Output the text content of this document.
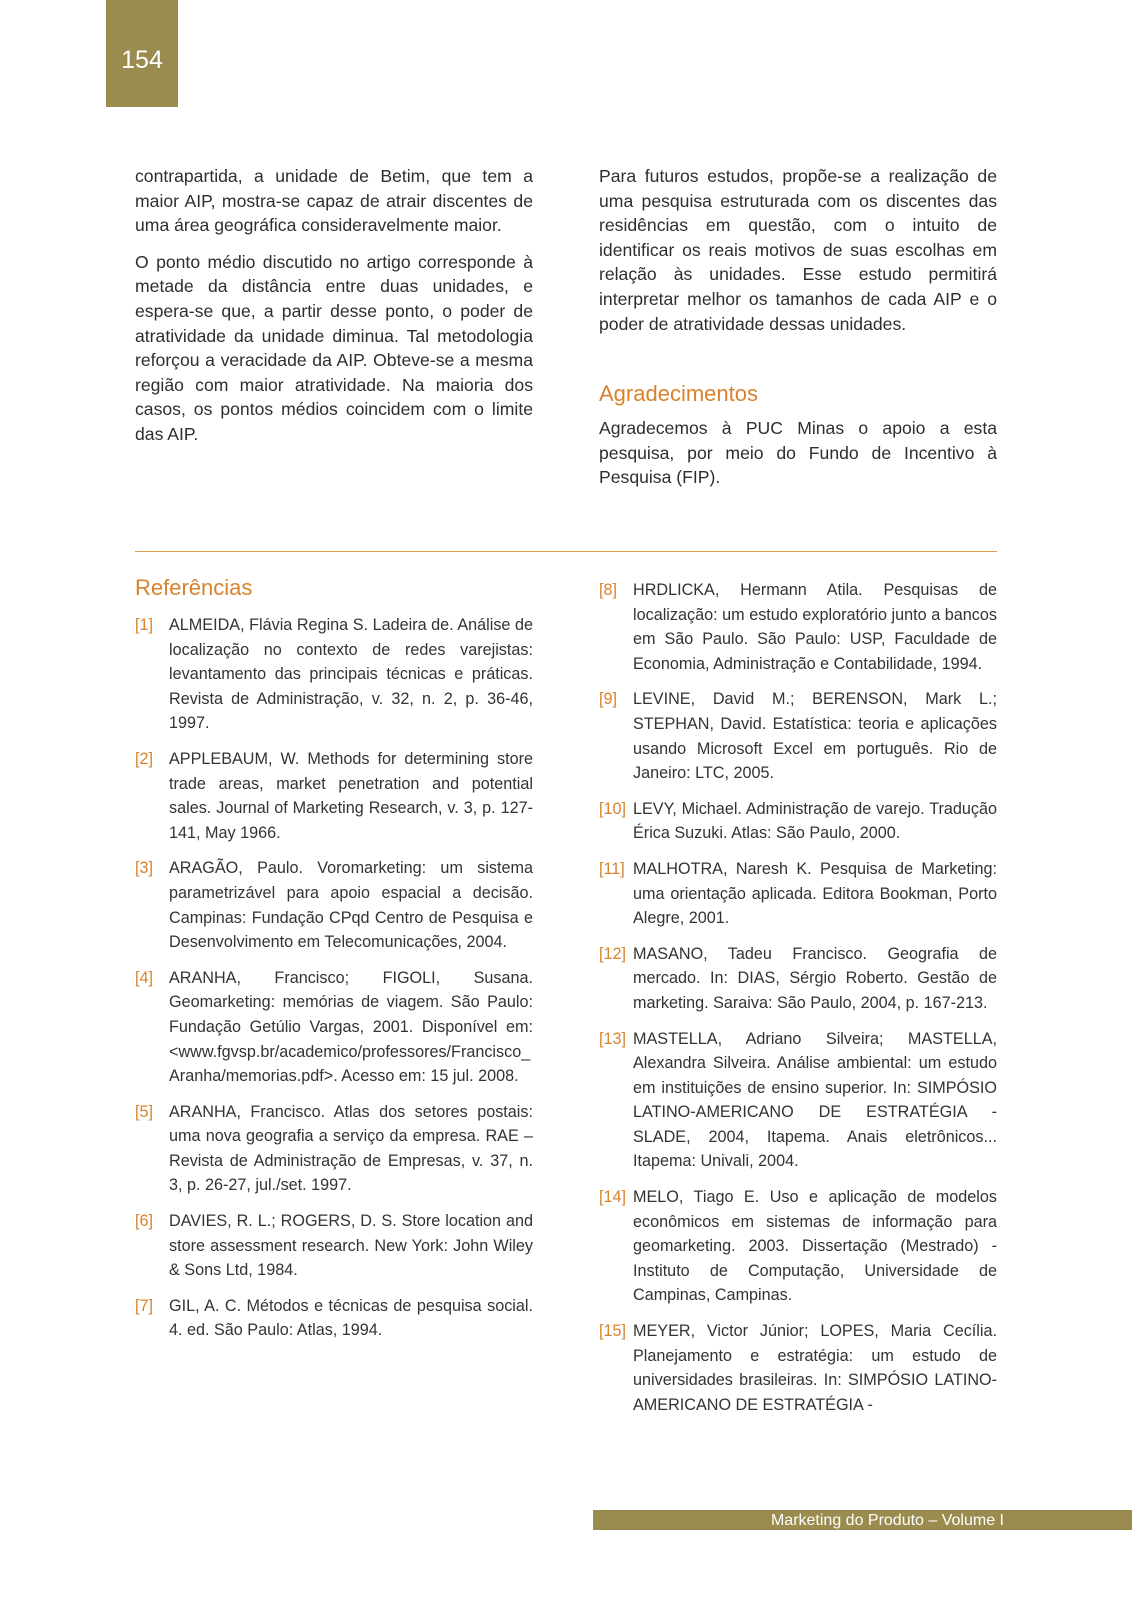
154

contrapartida, a unidade de Betim, que tem a maior AIP, mostra-se capaz de atrair discentes de uma área geográfica consideravelmente maior.

O ponto médio discutido no artigo corresponde à metade da distância entre duas unidades, e espera-se que, a partir desse ponto, o poder de atratividade da unidade diminua. Tal metodologia reforçou a veracidade da AIP. Obteve-se a mesma região com maior atratividade. Na maioria dos casos, os pontos médios coincidem com o limite das AIP.

Para futuros estudos, propõe-se a realização de uma pesquisa estruturada com os discentes das residências em questão, com o intuito de identificar os reais motivos de suas escolhas em relação às unidades. Esse estudo permitirá interpretar melhor os tamanhos de cada AIP e o poder de atratividade dessas unidades.

Agradecimentos

Agradecemos à PUC Minas o apoio a esta pesquisa, por meio do Fundo de Incentivo à Pesquisa (FIP).

Referências
[1] ALMEIDA, Flávia Regina S. Ladeira de. Análise de localização no contexto de redes varejistas: levantamento das principais técnicas e práticas. Revista de Administração, v. 32, n. 2, p. 36-46, 1997.
[2] APPLEBAUM, W. Methods for determining store trade areas, market penetration and potential sales. Journal of Marketing Research, v. 3, p. 127-141, May 1966.
[3] ARAGÃO, Paulo. Voromarketing: um sistema parametrizável para apoio espacial a decisão. Campinas: Fundação CPqd Centro de Pesquisa e Desenvolvimento em Telecomunicações, 2004.
[4] ARANHA, Francisco; FIGOLI, Susana. Geomarketing: memórias de viagem. São Paulo: Fundação Getúlio Vargas, 2001. Disponível em: <www.fgvsp.br/academico/professores/Francisco_Aranha/memorias.pdf>. Acesso em: 15 jul. 2008.
[5] ARANHA, Francisco. Atlas dos setores postais: uma nova geografia a serviço da empresa. RAE – Revista de Administração de Empresas, v. 37, n. 3, p. 26-27, jul./set. 1997.
[6] DAVIES, R. L.; ROGERS, D. S. Store location and store assessment research. New York: John Wiley & Sons Ltd, 1984.
[7] GIL, A. C. Métodos e técnicas de pesquisa social. 4. ed. São Paulo: Atlas, 1994.
[8] HRDLICKA, Hermann Atila. Pesquisas de localização: um estudo exploratório junto a bancos em São Paulo. São Paulo: USP, Faculdade de Economia, Administração e Contabilidade, 1994.
[9] LEVINE, David M.; BERENSON, Mark L.; STEPHAN, David. Estatística: teoria e aplicações usando Microsoft Excel em português. Rio de Janeiro: LTC, 2005.
[10] LEVY, Michael. Administração de varejo. Tradução Érica Suzuki. Atlas: São Paulo, 2000.
[11] MALHOTRA, Naresh K. Pesquisa de Marketing: uma orientação aplicada. Editora Bookman, Porto Alegre, 2001.
[12] MASANO, Tadeu Francisco. Geografia de mercado. In: DIAS, Sérgio Roberto. Gestão de marketing. Saraiva: São Paulo, 2004, p. 167-213.
[13] MASTELLA, Adriano Silveira; MASTELLA, Alexandra Silveira. Análise ambiental: um estudo em instituições de ensino superior. In: SIMPÓSIO LATINO-AMERICANO DE ESTRATÉGIA - SLADE, 2004, Itapema. Anais eletrônicos... Itapema: Univali, 2004.
[14] MELO, Tiago E. Uso e aplicação de modelos econômicos em sistemas de informação para geomarketing. 2003. Dissertação (Mestrado) - Instituto de Computação, Universidade de Campinas, Campinas.
[15] MEYER, Victor Júnior; LOPES, Maria Cecília. Planejamento e estratégia: um estudo de universidades brasileiras. In: SIMPÓSIO LATINO-AMERICANO DE ESTRATÉGIA -
Marketing do Produto – Volume I
